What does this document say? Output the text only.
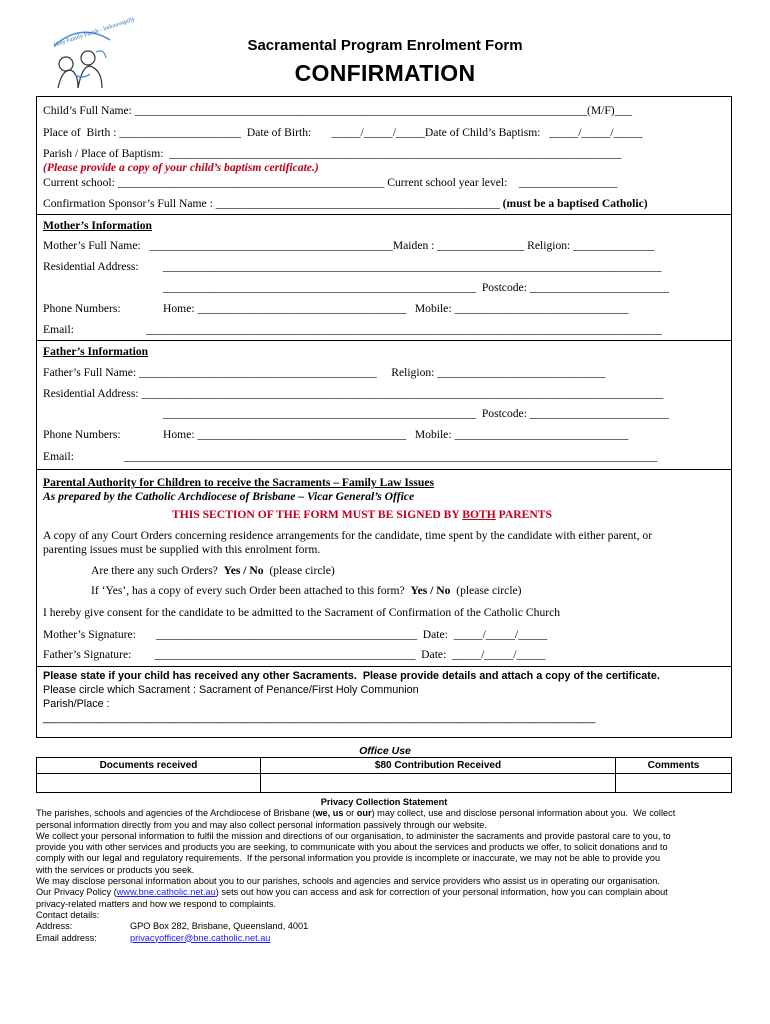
Holy Family Parish - Indooroopilly	Sacramental Program Enrolment Form
CONFIRMATION
Child’s Full Name: ______________________________________________________________________________(M/F)___
Place of  Birth : _____________________  Date of Birth:       _____/_____/_____Date of Child’s Baptism:   _____/_____/_____
Parish / Place of Baptism:  ______________________________________________________________________________
(Please provide a copy of your child’s baptism certificate.)
Current school: ______________________________________________ Current school year level:    _________________
Confirmation Sponsor’s Full Name : _________________________________________________ (must be a baptised Catholic)
Mother’s Information
Mother’s Full Name:   __________________________________________Maiden : _______________ Religion: ______________
Residential Address: ______________________________________________________________________________________
______________________________________________________  Postcode: ________________________
Phone Numbers:	Home: ____________________________________   Mobile: ______________________________
Email:	_________________________________________________________________________________________
Father’s Information
Father’s Full Name: _________________________________________     Religion: _____________________________
Residential Address: __________________________________________________________________________________________
______________________________________________________  Postcode: ________________________
Phone Numbers:	Home: ____________________________________   Mobile: ______________________________
Email:	____________________________________________________________________________________________
Parental Authority for Children to receive the Sacraments – Family Law Issues
As prepared by the Catholic Archdiocese of Brisbane – Vicar General’s Office
THIS SECTION OF THE FORM MUST BE SIGNED BY BOTH PARENTS
A copy of any Court Orders concerning residence arrangements for the candidate, time spent by the candidate with either parent, or
parenting issues must be supplied with this enrolment form.
Are there any such Orders?  Yes / No  (please circle)
If ‘Yes’, has a copy of every such Order been attached to this form?  Yes / No  (please circle)
I hereby give consent for the candidate to be admitted to the Sacrament of Confirmation of the Catholic Church
Mother’s Signature:       _____________________________________________  Date:  _____/_____/_____
Father’s Signature:        _____________________________________________  Date:  _____/_____/_____
Please state if your child has received any other Sacraments.  Please provide details and attach a copy of the certificate.
Please circle which Sacrament : Sacrament of Penance/First Holy Communion
Parish/Place :
____________________________________________________________________________________________
Office Use
Documents received	$80 Contribution Received	Comments

Privacy Collection Statement
The parishes, schools and agencies of the Archdiocese of Brisbane (we, us or our) may collect, use and disclose personal information about you.  We collect
personal information directly from you and may also collect personal information passively through our website.
We collect your personal information to fulfil the mission and directions of our organisation, to administer the sacraments and provide pastoral care to you, to
provide you with other services and products you are seeking, to communicate with you about the services and products we offer, to solicit donations and to
comply with our legal and regulatory requirements.  If the personal information you provide is incomplete or inaccurate, we may not be able to provide you
with the services or products you seek.
We may disclose personal information about you to our parishes, schools and agencies and service providers who assist us in operating our organisation.
Our Privacy Policy (www.bne.catholic.net.au) sets out how you can access and ask for correction of your personal information, how you can complain about
privacy-related matters and how we respond to complaints.
Contact details:
Address:	GPO Box 282, Brisbane, Queensland, 4001
Email address:	privacyofficer@bne.catholic.net.au
